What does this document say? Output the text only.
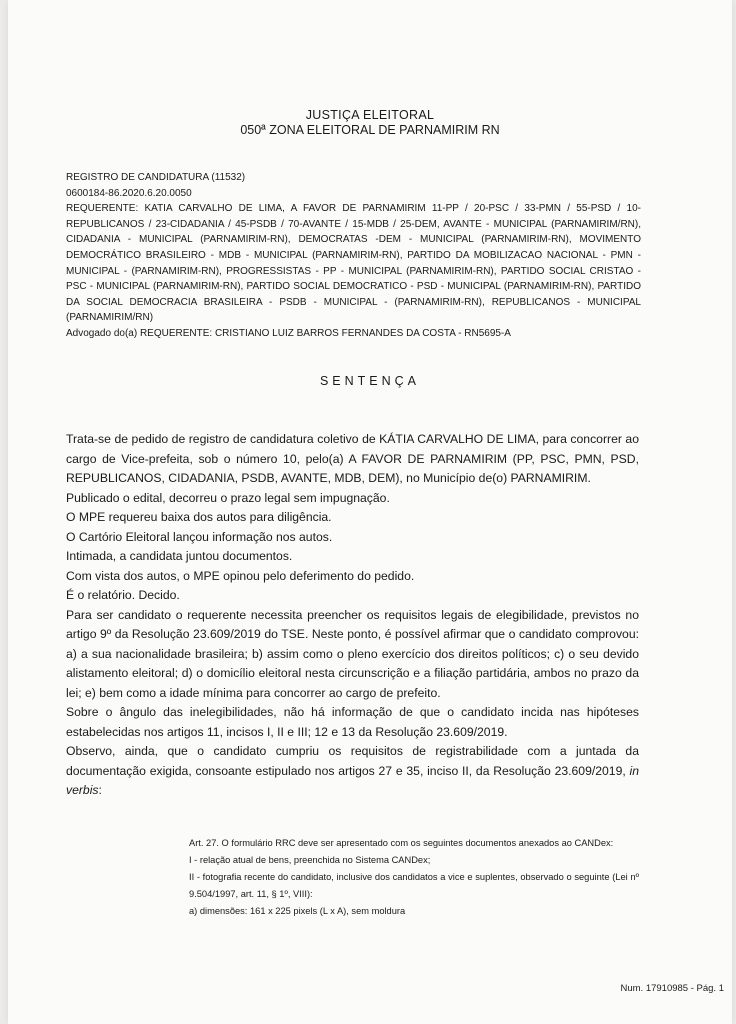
JUSTIÇA ELEITORAL
050ª ZONA ELEITORAL DE PARNAMIRIM RN

REGISTRO DE CANDIDATURA (11532)

0600184-86.2020.6.20.0050

REQUERENTE: KATIA CARVALHO DE LIMA, A FAVOR DE PARNAMIRIM 11-PP / 20-PSC / 33-PMN / 55-PSD / 10-REPUBLICANOS / 23-CIDADANIA / 45-PSDB / 70-AVANTE / 15-MDB / 25-DEM, AVANTE - MUNICIPAL (PARNAMIRIM/RN), CIDADANIA - MUNICIPAL (PARNAMIRIM-RN), DEMOCRATAS -DEM - MUNICIPAL (PARNAMIRIM-RN), MOVIMENTO DEMOCRÁTICO BRASILEIRO - MDB - MUNICIPAL (PARNAMIRIM-RN), PARTIDO DA MOBILIZACAO NACIONAL - PMN - MUNICIPAL - (PARNAMIRIM-RN), PROGRESSISTAS - PP - MUNICIPAL (PARNAMIRIM-RN), PARTIDO SOCIAL CRISTAO - PSC - MUNICIPAL (PARNAMIRIM-RN), PARTIDO SOCIAL DEMOCRATICO - PSD - MUNICIPAL (PARNAMIRIM-RN), PARTIDO DA SOCIAL DEMOCRACIA BRASILEIRA - PSDB - MUNICIPAL - (PARNAMIRIM-RN), REPUBLICANOS - MUNICIPAL (PARNAMIRIM/RN)

Advogado do(a) REQUERENTE: CRISTIANO LUIZ BARROS FERNANDES DA COSTA - RN5695-A

SENTENÇA

Trata-se de pedido de registro de candidatura coletivo de KÁTIA CARVALHO DE LIMA, para concorrer ao cargo de Vice-prefeita, sob o número 10, pelo(a) A FAVOR DE PARNAMIRIM (PP, PSC, PMN, PSD, REPUBLICANOS, CIDADANIA, PSDB, AVANTE, MDB, DEM), no Município de(o) PARNAMIRIM.

Publicado o edital, decorreu o prazo legal sem impugnação.

O MPE requereu baixa dos autos para diligência.

O Cartório Eleitoral lançou informação nos autos.

Intimada, a candidata juntou documentos.

Com vista dos autos, o MPE opinou pelo deferimento do pedido.

É o relatório. Decido.

Para ser candidato o requerente necessita preencher os requisitos legais de elegibilidade, previstos no artigo 9º da Resolução 23.609/2019 do TSE. Neste ponto, é possível afirmar que o candidato comprovou: a) a sua nacionalidade brasileira; b) assim como o pleno exercício dos direitos políticos; c) o seu devido alistamento eleitoral; d) o domicílio eleitoral nesta circunscrição e a filiação partidária, ambos no prazo da lei; e) bem como a idade mínima para concorrer ao cargo de prefeito.

Sobre o ângulo das inelegibilidades, não há informação de que o candidato incida nas hipóteses estabelecidas nos artigos 11, incisos I, II e III; 12 e 13 da Resolução 23.609/2019.

Observo, ainda, que o candidato cumpriu os requisitos de registrabilidade com a juntada da documentação exigida, consoante estipulado nos artigos 27 e 35, inciso II, da Resolução 23.609/2019, in verbis:

Art. 27. O formulário RRC deve ser apresentado com os seguintes documentos anexados ao CANDex:

I - relação atual de bens, preenchida no Sistema CANDex;

II - fotografia recente do candidato, inclusive dos candidatos a vice e suplentes, observado o seguinte (Lei nº 9.504/1997, art. 11, § 1º, VIII):

a) dimensões: 161 x 225 pixels (L x A), sem moldura

Num. 17910985 - Pág. 1
